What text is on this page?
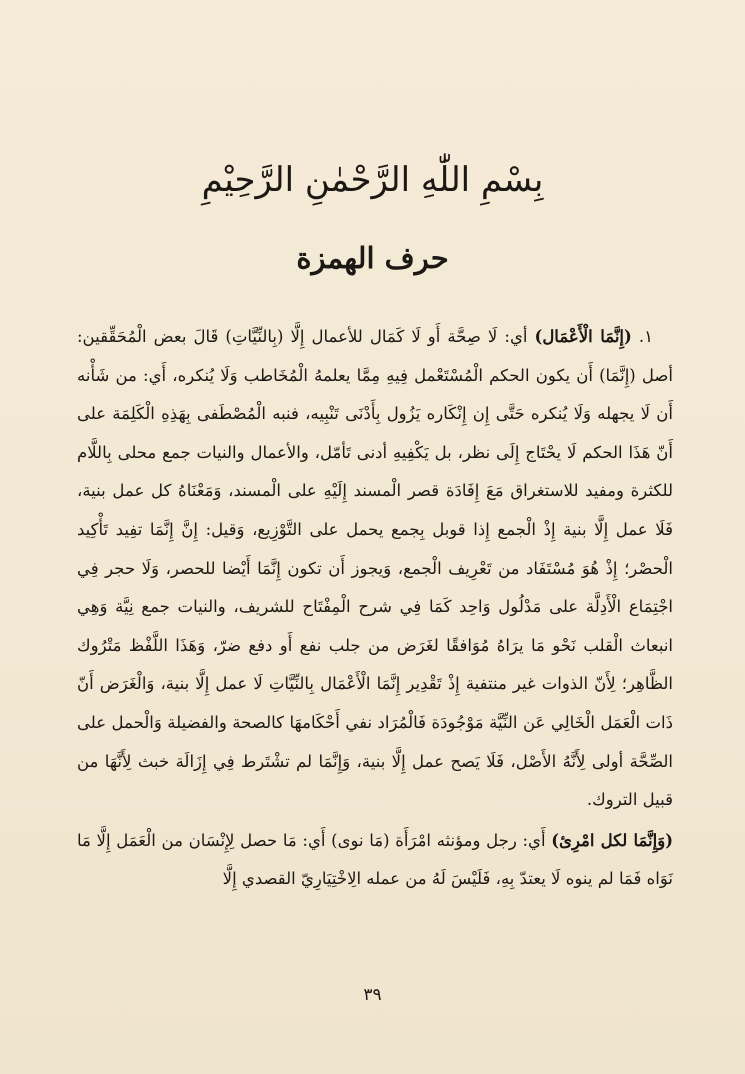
بِسْمِ اللّٰهِ الرَّحْمٰنِ الرَّحِيْمِ
حرف الهمزة

١. (إِنَّمَا الْأَعْمَال) أي: لَا صِحَّة أَو لَا كَمَال للأعمال إِلَّا (بِالنِّيَّاتِ) قَالَ بعض الْمُحَقِّقين: أصل (إِنَّمَا) أَن يكون الحكم الْمُسْتَعْمل فِيهِ مِمَّا يعلمهُ الْمُخَاطب وَلَا يُنكره، أَي: من شَأْنه أَن لَا يجهله وَلَا يُنكره حَتَّى إِن إِنْكَاره يَزُول بِأَدْنَى تَنْبِيه، فنبه الْمُصْطَفى بِهَذِهِ الْكَلِمَة على أَنّ هَذَا الحكم لَا يحْتَاج إِلَى نظر، بل يَكْفِيهِ أدنى تَأمّل، والأعمال والنيات جمع محلى بِاللَّام للكثرة ومفيد للاستغراق مَعَ إِفَادَة قصر الْمسند إِلَيْهِ على الْمسند، وَمَعْنَاهُ كل عمل بنية، فَلَا عمل إِلَّا بنية إِذْ الْجمع إِذا قوبل بِجمع يحمل على التَّوْزِيع، وَقيل: إِنَّ إِنَّمَا تفِيد تَأْكِيد الْحصْر؛ إِذْ هُوَ مُسْتَفَاد من تَعْرِيف الْجمع، وَيجوز أَن تكون إِنَّمَا أَيْضا للحصر، وَلَا حجر فِي اجْتِمَاع الْأَدِلَّة على مَدْلُول وَاحِد كَمَا فِي شرح الْمِفْتَاح للشريف، والنيات جمع نِيَّة وَهِي انبعاث الْقلب نَحْو مَا يرَاهُ مُوَافقًا لغَرَض من جلب نفع أَو دفع ضرّ، وَهَذَا اللَّفْظ مَتْرُوك الظَّاهِر؛ لِأَنّ الذوات غير منتفية إِذْ تَقْدِير إِنَّمَا الْأَعْمَال بِالنِّيَّاتِ لَا عمل إِلَّا بنية، وَالْغَرَض أَنّ ذَات الْعَمَل الْخَالِي عَن النِّيَّة مَوْجُودَة فَالْمُرَاد نفي أَحْكَامهَا كالصحة والفضيلة وَالْحمل على الصِّحَّة أولى لِأَنَّهُ الأَصْل، فَلَا يَصح عمل إِلَّا بنية، وَإِنَّمَا لم تشْتَرط فِي إِزَالَة خبث لِأَنَّهَا من قبيل التروك.

(وَإِنَّمَا لكل امْرِئ) أَي: رجل ومؤنثه امْرَأَة (مَا نوى) أَي: مَا حصل لِإِنْسَان من الْعَمَل إِلَّا مَا نَوَاه فَمَا لم ينوه لَا يعتدّ بِهِ، فَلَيْسَ لَهُ من عمله الِاخْتِيَارِيّ القصدي إِلَّا

٣٩
